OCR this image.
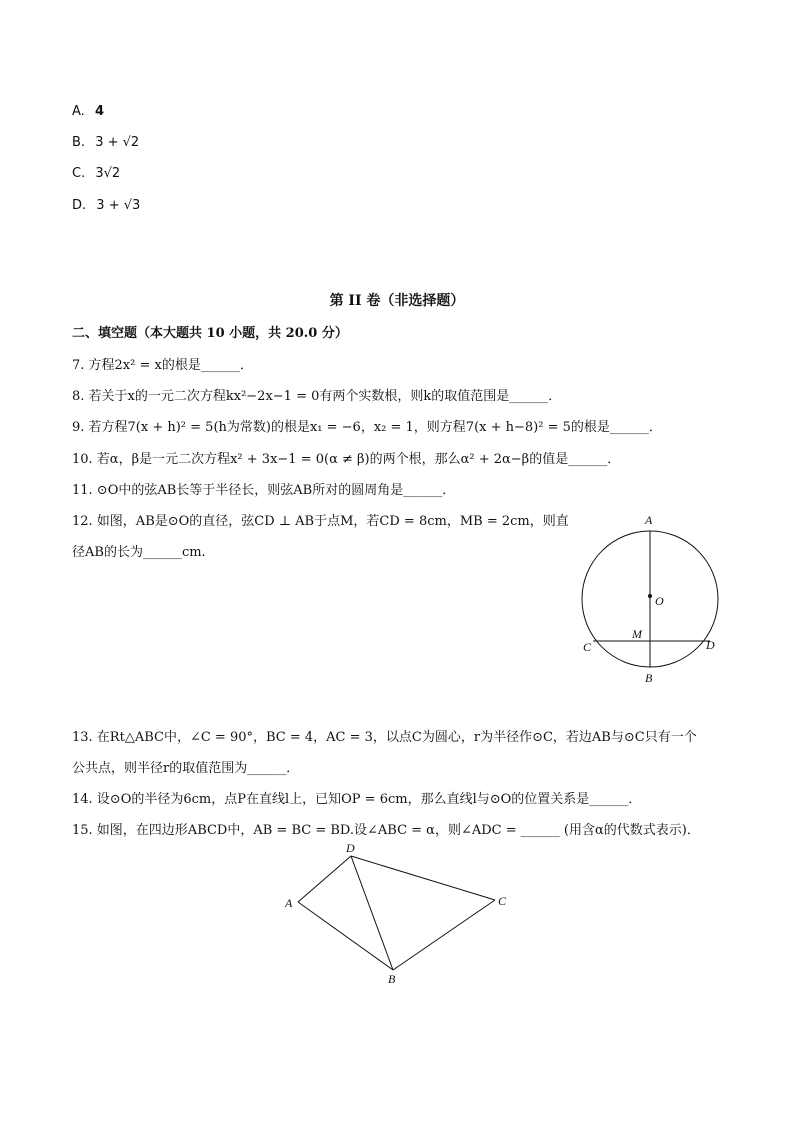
A. 4
B. 3 + √2
C. 3√2
D. 3 + √3
第 II 卷（非选择题）
二、填空题（本大题共 10 小题，共 20.0 分）
7. 方程2x² = x的根是______．
8. 若关于x的一元二次方程kx²−2x−1 = 0有两个实数根，则k的取值范围是______．
9. 若方程7(x + h)² = 5(h为常数)的根是x₁ = −6，x₂ = 1，则方程7(x + h−8)² = 5的根是______．
10. 若α，β是一元二次方程x² + 3x−1 = 0(α ≠ β)的两个根，那么α² + 2α−β的值是______．
11. ⊙O中的弦AB长等于半径长，则弦AB所对的圆周角是______．
12. 如图，AB是⊙O的直径，弦CD ⊥ AB于点M，若CD = 8cm，MB = 2cm，则直
径AB的长为______cm.
A
O
M
C	D
B
13. 在Rt△ABC中，∠C = 90°，BC = 4，AC = 3，以点C为圆心，r为半径作⊙C，若边AB与⊙C只有一个
公共点，则半径r的取值范围为______．
14. 设⊙O的半径为6cm，点P在直线l上，已知OP = 6cm，那么直线l与⊙O的位置关系是______．
15. 如图，在四边形ABCD中，AB = BC = BD.设∠ABC = α，则∠ADC = ______ (用含α的代数式表示)．
D
A	C
B
